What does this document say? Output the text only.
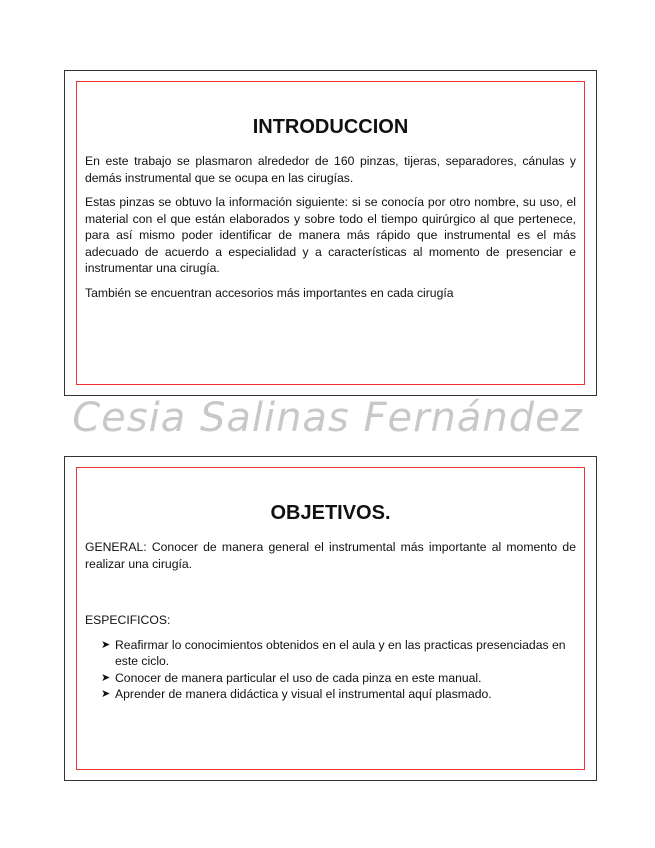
INTRODUCCION

En este trabajo se plasmaron alrededor de 160 pinzas, tijeras, separadores, cánulas y demás instrumental que se ocupa en las cirugías.

Estas pinzas se obtuvo la información siguiente: si se conocía por otro nombre, su uso, el material con el que están elaborados y sobre todo el tiempo quirúrgico al que pertenece, para así mismo poder identificar de manera más rápido que instrumental es el más adecuado de acuerdo a especialidad y a características al momento de presenciar e instrumentar una cirugía.

También se encuentran accesorios más importantes en cada cirugía

Cesia Salinas Fernández
OBJETIVOS.

GENERAL: Conocer de manera general el instrumental más importante al momento de realizar una cirugía.

ESPECIFICOS:

➤ Reafirmar lo conocimientos obtenidos en el aula y en las practicas presenciadas en este ciclo.
➤ Conocer de manera particular el uso de cada pinza en este manual.
➤ Aprender de manera didáctica y visual el instrumental aquí plasmado.
